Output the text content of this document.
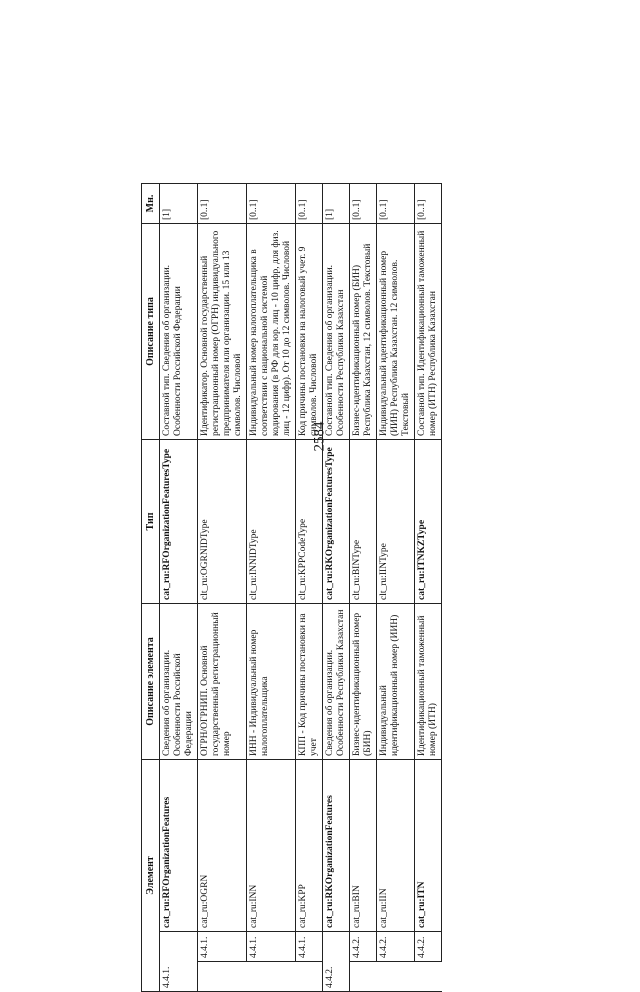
2584
Элемент			Описание элемента	Тип	Описание типа	Мн.
4.4.1.		cat_ru:RFOrganizationFeatures	Сведения об организации. Особенности Российской Федерации	cat_ru:RFOrganizationFeaturesType	Составной тип. Сведения об организации. Особенности Российской Федерации	[1]
	4.4.1.	cat_ru:OGRN	ОГРН/ОГРНИП. Основной государственный регистрационный номер	clt_ru:OGRNIDType	Идентификатор. Основной государственный регистрационный номер (ОГРН) индивидуального предпринимателя или организации. 15 или 13 символов. Числовой	[0..1]
	4.4.1.	cat_ru:INN	ИНН - Индивидуальный номер налогоплательщика	clt_ru:INNIDType	Индивидуальный номер налогоплательщика в соответствии с национальной системой кодирования (в РФ для юр. лиц - 10 цифр, для физ. лиц - 12 цифр). От 10 до 12 символов. Числовой	[0..1]
	4.4.1.	cat_ru:KPP	КПП - Код причины постановки на учет	clt_ru:KPPCodeType	Код причины постановки на налоговый учет. 9 символов. Числовой	[0..1]
4.4.2.		cat_ru:RKOrganizationFeatures	Сведения об организации. Особенности Республики Казахстан	cat_ru:RKOrganizationFeaturesType	Составной тип. Сведения об организации. Особенности Республики Казахстан	[1]
	4.4.2.	cat_ru:BIN	Бизнес-идентификационный номер (БИН)	clt_ru:BINType	Бизнес-идентификационный номер (БИН) Республика Казахстан, 12 символов. Текстовый	[0..1]
	4.4.2.	cat_ru:IIN	Индивидуальный идентификационный номер (ИИН)	clt_ru:IINType	Индивидуальный идентификационный номер (ИИН) Республика Казахстан. 12 символов. Текстовый	[0..1]
	4.4.2.	cat_ru:ITN	Идентификационный таможенный номер (ИТН)	cat_ru:ITNKZType	Составной тип. Идентификационный таможенный номер (ИТН) Республика Казахстан	[0..1]
